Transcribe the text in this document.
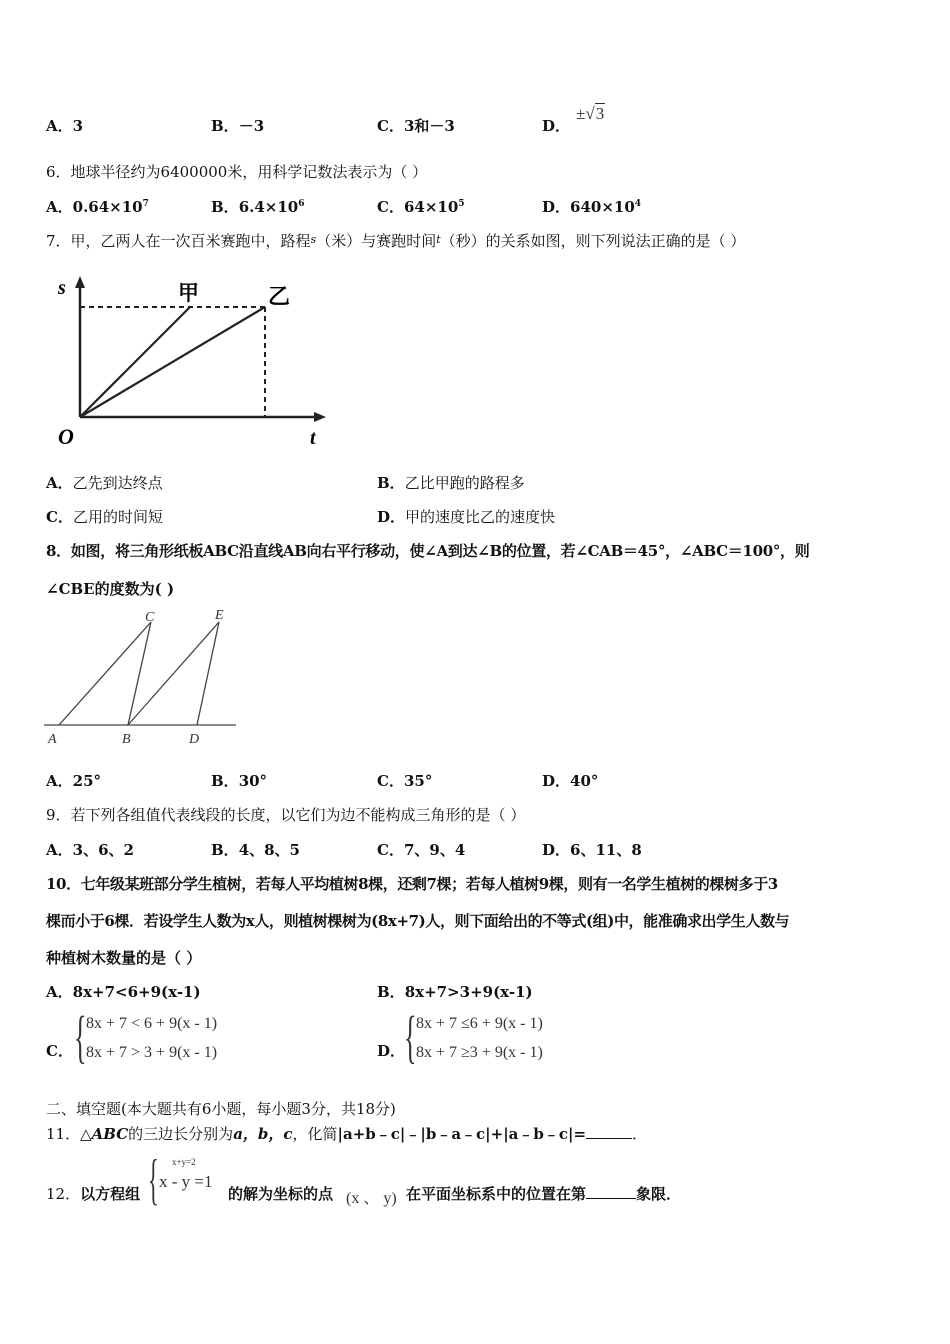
A．3	B．－3	C．3和－3	D．
±√3
6．地球半径约为6400000米，用科学记数法表示为（ ）
A．$0.64\times 10^7$	B．$6.4\times 10^6$	C．$64\times 10^5$	D．$640\times 10^4$
7．甲，乙两人在一次百米赛跑中，路程$^s$（米）与赛跑时间$^t$（秒）的关系如图，则下列说法正确的是（ ）
s
t
O
甲	乙
A．乙先到达终点	B．乙比甲跑的路程多
C．乙用的时间短	D．甲的速度比乙的速度快
8．如图，将三角形纸板ABC沿直线AB向右平行移动，使∠A到达∠B的位置，若∠CAB＝45°，∠ABC＝100°，则
∠CBE的度数为( )
A	B
C
D
E
A．25°	B．30°	C．35°	D．40°
9．若下列各组值代表线段的长度，以它们为边不能构成三角形的是（ ）
A．3、6、2	B．4、8、5	C．7、9、4	D．6、11、8
10．七年级某班部分学生植树，若每人平均植树8棵，还剩7棵；若每人植树9棵，则有一名学生植树的棵树多于3
棵而小于6棵．若设学生人数为x人，则植树棵树为(8x+7)人，则下面给出的不等式(组)中，能准确求出学生人数与
种植树木数量的是（ ）
A．8x+7<6+9(x-1)	B．8x+7>3+9(x-1)
C． { 8x + 7 < 6 + 9(x - 1)
8x + 7 > 3 + 9(x - 1)	D．
{ 8x + 7 ≤6 + 9(x - 1)
8x + 7 ≥3 + 9(x - 1)
二、填空题(本大题共有6小题，每小题3分，共18分)
11．△ABC的三边长分别为a，b，c，化简|a+b﹣c|﹣|b﹣a﹣c|+|a﹣b﹣c|=	．
12．以方程组 { x+y=2
x - y =1
的解为坐标的点 (x 、 y) 在平面坐标系中的位置在第	象限．
